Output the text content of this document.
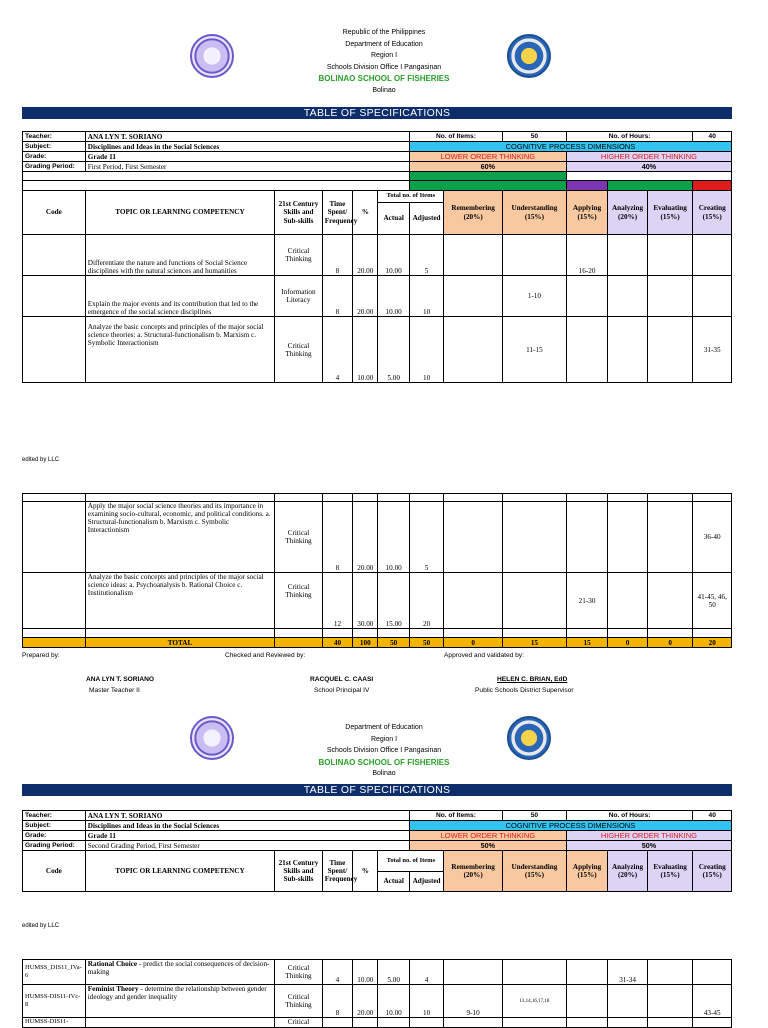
Republic of the Philippines
Department of Education
Region I
Schools Division Office I Pangasinan
BOLINAO SCHOOL OF FISHERIES
Bolinao
TABLE OF SPECIFICATIONS
Teacher:	ANA LYN T. SORIANO					No. of Items:		50	No. of Hours:			40
Subject:	Disciplines and Ideas in the Social Sciences					COGNITIVE PROCESS DIMENSIONS						
Grade:	Grade 11					LOWER ORDER THINKING			HIGHER ORDER THINKING			
Grading Period:	First Period, First Semester					60%			40%			

Code	TOPIC OR LEARNING COMPETENCY	21st Century Skills and Sub-skills	Time Spent/ Frequency	%	Total no. of Items		Remembering (20%)	Understanding (15%)	Applying (15%)	Analyzing (20%)	Evaluating (15%)	Creating (15%)
					Actual	Adjusted						
	Differentiate the nature and functions of Social Science disciplines with the natural sciences and humanities	Critical Thinking	8	20.00	10.00	5			16-20			
	Explain the major events and its contribution that led to the emergence of the social science disciplines	Information Literacy	8	20.00	10.00	10		1-10				
	Analyze the basic concepts and principles of the major social science theories: a. Structural-functionalism b. Marxism c. Symbolic Interactionism	Critical Thinking	4	10.00	5.00	10		11-15				31-35
edited by LLC

	Apply the major social science theories and its importance in examining socio-cultural, economic, and political conditions. a. Structural-functionalism b. Marxism c. Symbolic Interactionism	Critical Thinking	8	20.00	10.00	5						36-40
	Analyze the basic concepts and principles of the major social science ideas: a. Psychoanalysis b. Rational Choice c. Institutionalism	Critical Thinking	12	30.00	15.00	20			21-30			41-45, 46, 50

	TOTAL		40	100	50	50	0	15	15	0	0	20
Prepared by:	Checked and Reviewed by:	Approved and validated by:
ANA LYN T. SORIANO
Master Teacher II
RACQUEL C. CAASI
School Principal IV
HELEN C. BRIAN, EdD
Public Schools District Supervisor
Department of Education
Region I
Schools Division Office I Pangasinan
BOLINAO SCHOOL OF FISHERIES
Bolinao
TABLE OF SPECIFICATIONS
Teacher:	ANA LYN T. SORIANO					No. of Items:		50	No. of Hours:			40
Subject:	Disciplines and Ideas in the Social Sciences					COGNITIVE PROCESS DIMENSIONS						
Grade:	Grade 11					LOWER ORDER THINKING			HIGHER ORDER THINKING			
Grading Period:	Second Grading Period, First Semester					50%			50%			
Code	TOPIC OR LEARNING COMPETENCY	21st Century Skills and Sub-skills	Time Spent/ Frequency	%	Total no. of Items		Remembering (20%)	Understanding (15%)	Applying (15%)	Analyzing (20%)	Evaluating (15%)	Creating (15%)
					Actual	Adjusted						
edited by LLC
HUMSS_DIS11_IVa-6	Rational Choice - predict the social consequences of decision-making	Critical Thinking	4	10.00	5.00	4				31-34		
HUMSS-DIS11-IVc-8	Feminist Theory - determine the relationship between gender ideology and gender inequality	Critical Thinking	8	20.00	10.00	10	9-10	13,14,16,17,18				43-45
HUMSS-DIS11-		Critical										
